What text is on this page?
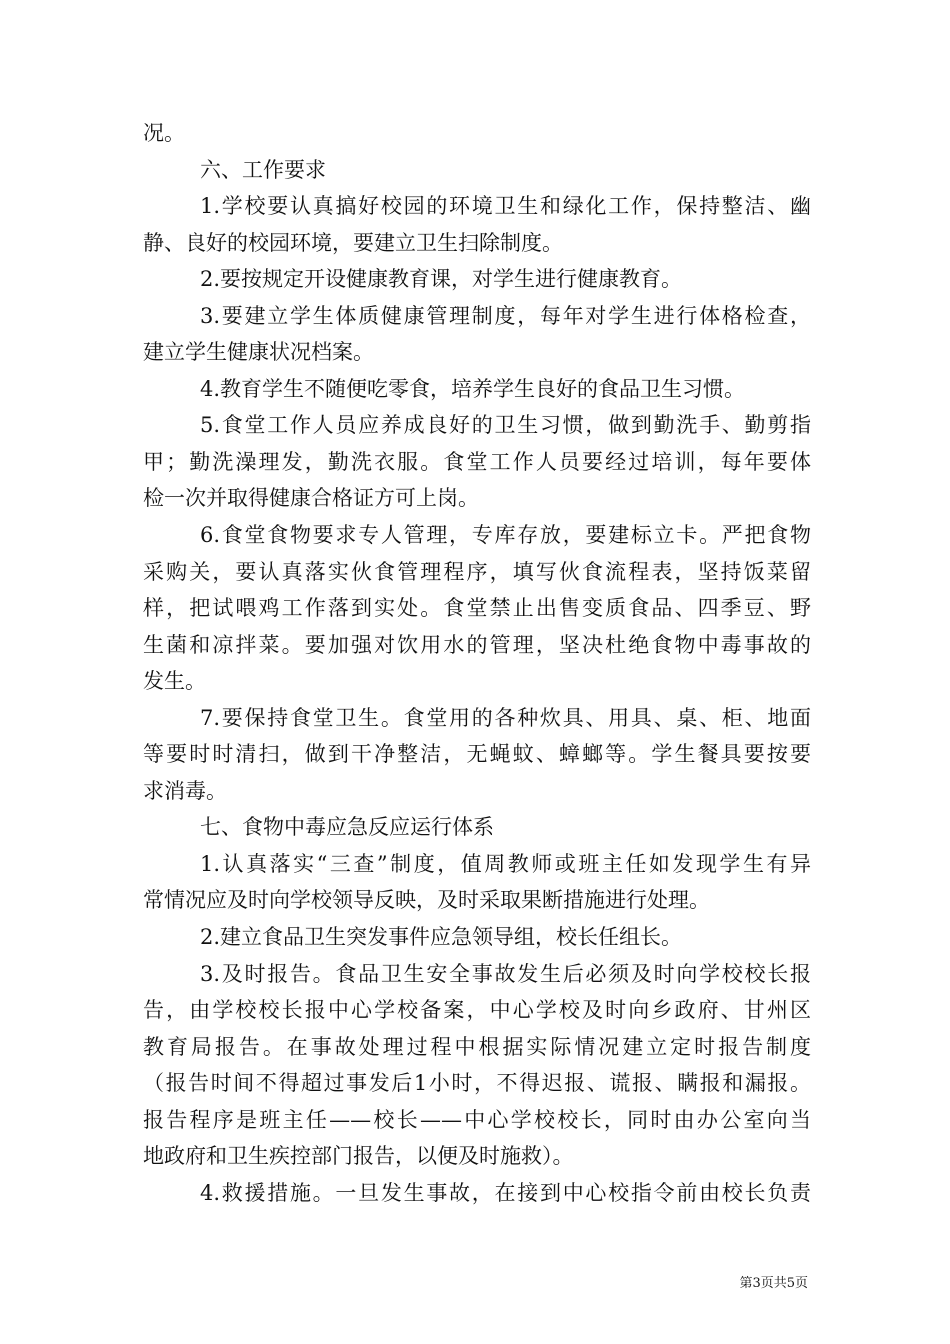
况。
六、工作要求
1.学校要认真搞好校园的环境卫生和绿化工作，保持整洁、幽
静、良好的校园环境，要建立卫生扫除制度。
2.要按规定开设健康教育课，对学生进行健康教育。
3.要建立学生体质健康管理制度，每年对学生进行体格检查，
建立学生健康状况档案。
4.教育学生不随便吃零食，培养学生良好的食品卫生习惯。
5.食堂工作人员应养成良好的卫生习惯，做到勤洗手、勤剪指
甲；勤洗澡理发，勤洗衣服。食堂工作人员要经过培训，每年要体
检一次并取得健康合格证方可上岗。
6.食堂食物要求专人管理，专库存放，要建标立卡。严把食物
采购关，要认真落实伙食管理程序，填写伙食流程表，坚持饭菜留
样，把试喂鸡工作落到实处。食堂禁止出售变质食品、四季豆、野
生菌和凉拌菜。要加强对饮用水的管理，坚决杜绝食物中毒事故的
发生。
7.要保持食堂卫生。食堂用的各种炊具、用具、桌、柜、地面
等要时时清扫，做到干净整洁，无蝇蚊、蟑螂等。学生餐具要按要
求消毒。
七、食物中毒应急反应运行体系
1.认真落实“三查”制度，值周教师或班主任如发现学生有异
常情况应及时向学校领导反映，及时采取果断措施进行处理。
2.建立食品卫生突发事件应急领导组，校长任组长。
3.及时报告。食品卫生安全事故发生后必须及时向学校校长报
告，由学校校长报中心学校备案，中心学校及时向乡政府、甘州区
教育局报告。在事故处理过程中根据实际情况建立定时报告制度
（报告时间不得超过事发后1小时，不得迟报、谎报、瞒报和漏报。
报告程序是班主任——校长——中心学校校长，同时由办公室向当
地政府和卫生疾控部门报告，以便及时施救）。
4.救援措施。一旦发生事故，在接到中心校指令前由校长负责
第3页共5页
